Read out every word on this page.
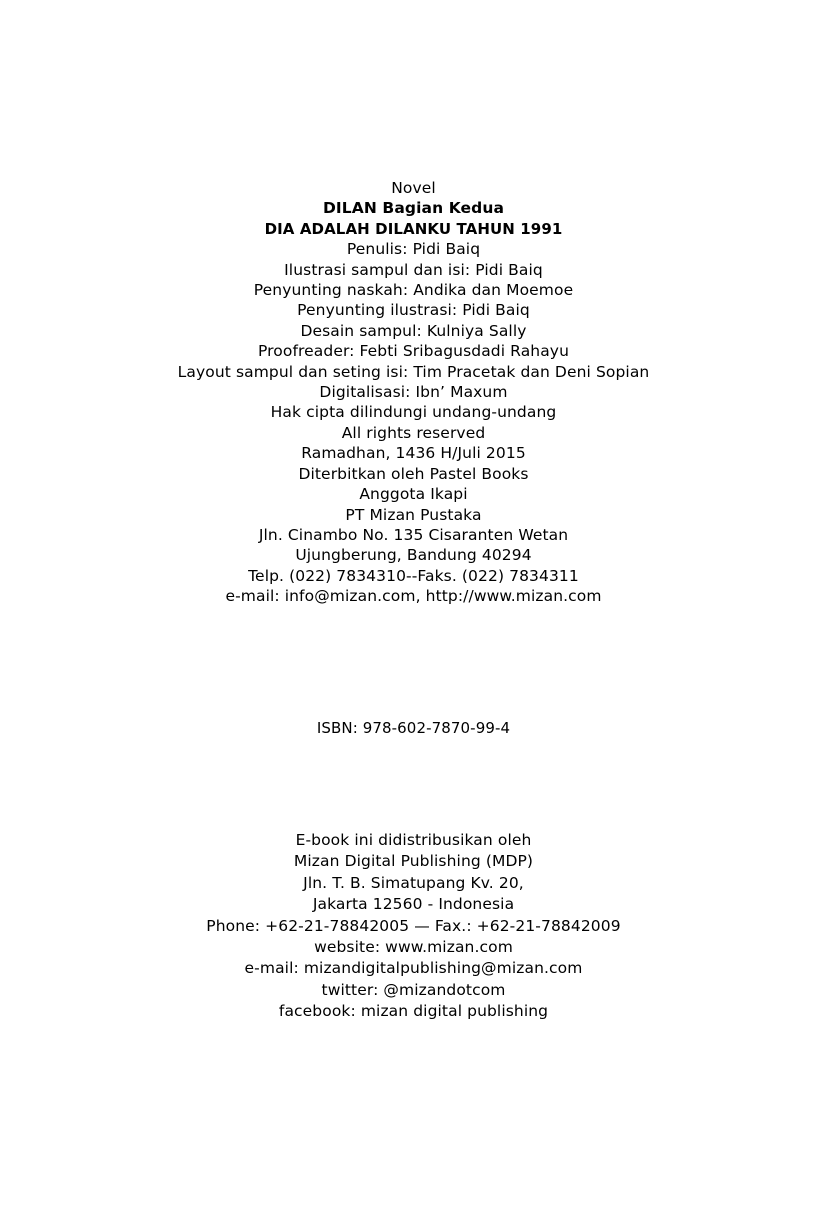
Novel
DILAN Bagian Kedua
DIA ADALAH DILANKU TAHUN 1991
Penulis: Pidi Baiq
Ilustrasi sampul dan isi: Pidi Baiq
Penyunting naskah: Andika dan Moemoe
Penyunting ilustrasi: Pidi Baiq
Desain sampul: Kulniya Sally
Proofreader: Febti Sribagusdadi Rahayu
Layout sampul dan seting isi: Tim Pracetak dan Deni Sopian
Digitalisasi: Ibn’ Maxum
Hak cipta dilindungi undang-undang
All rights reserved
Ramadhan, 1436 H/Juli 2015
Diterbitkan oleh Pastel Books
Anggota Ikapi
PT Mizan Pustaka
Jln. Cinambo No. 135 Cisaranten Wetan
Ujungberung, Bandung 40294
Telp. (022) 7834310--Faks. (022) 7834311
e-mail: info@mizan.com, http://www.mizan.com
ISBN: 978-602-7870-99-4
E-book ini didistribusikan oleh
Mizan Digital Publishing (MDP)
Jln. T. B. Simatupang Kv. 20,
Jakarta 12560 - Indonesia
Phone: +62-21-78842005 — Fax.: +62-21-78842009
website: www.mizan.com
e-mail: mizandigitalpublishing@mizan.com
twitter: @mizandotcom
facebook: mizan digital publishing
